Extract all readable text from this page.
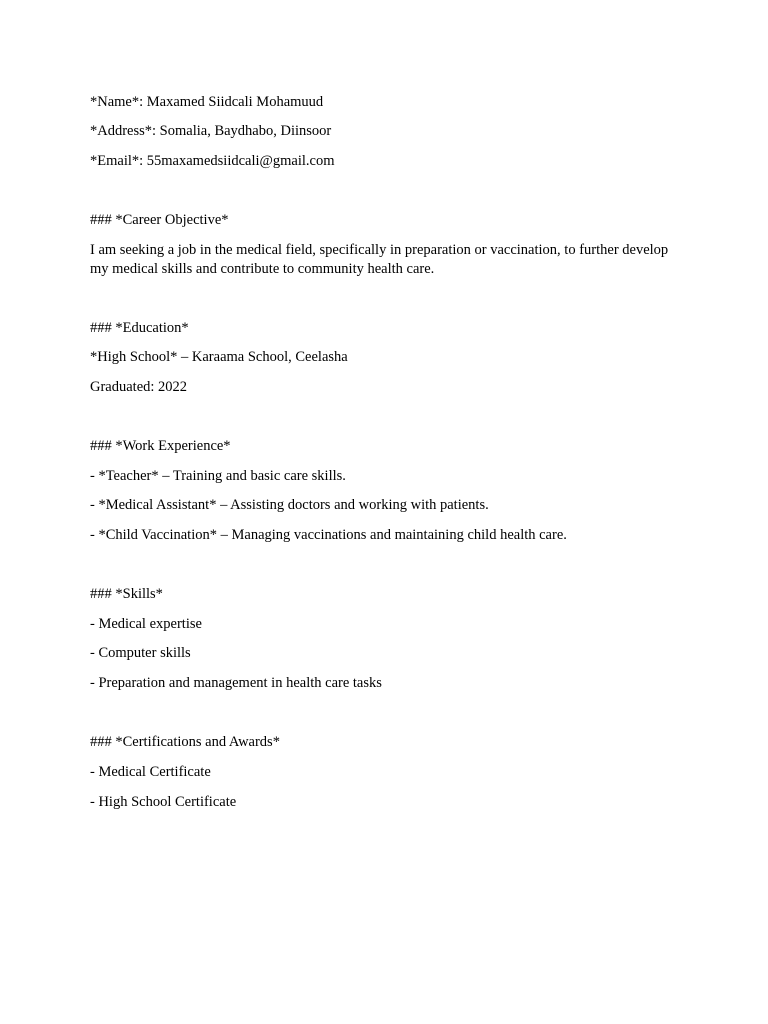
*Name*: Maxamed Siidcali Mohamuud
*Address*: Somalia, Baydhabo, Diinsoor
*Email*: 55maxamedsiidcali@gmail.com
### *Career Objective*
I am seeking a job in the medical field, specifically in preparation or vaccination, to further develop my medical skills and contribute to community health care.
### *Education*
*High School* – Karaama School, Ceelasha
Graduated: 2022
### *Work Experience*
- *Teacher* – Training and basic care skills.
- *Medical Assistant* – Assisting doctors and working with patients.
- *Child Vaccination* – Managing vaccinations and maintaining child health care.
### *Skills*
- Medical expertise
- Computer skills
- Preparation and management in health care tasks
### *Certifications and Awards*
- Medical Certificate
- High School Certificate
